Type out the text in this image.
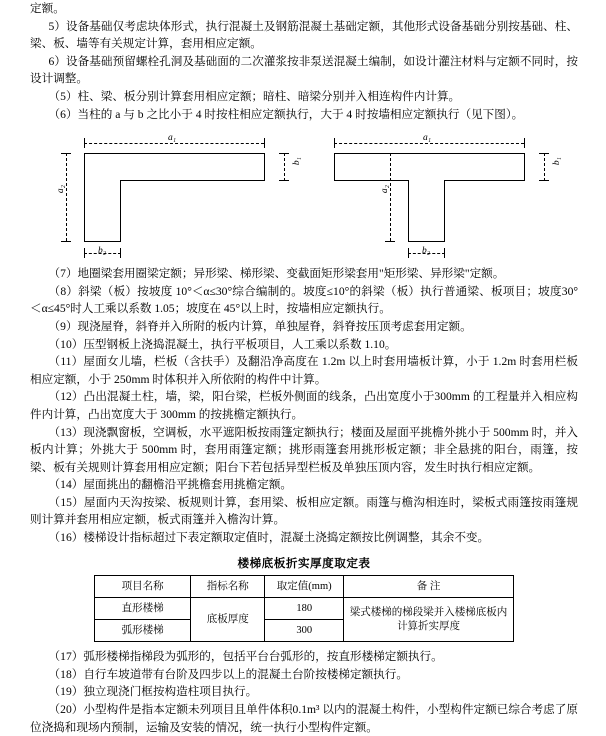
定额。

5）设备基础仅考虑块体形式，执行混凝土及钢筋混凝土基础定额，其他形式设备基础分别按基础、柱、梁、板、墙等有关规定计算，套用相应定额。

6）设备基础预留螺栓孔洞及基础面的二次灌浆按非泵送混凝土编制，如设计灌注材料与定额不同时，按设计调整。

（5）柱、梁、板分别计算套用相应定额；暗柱、暗梁分别并入相连构件内计算。

（6）当柱的 a 与 b 之比小于 4 时按柱相应定额执行，大于 4 时按墙相应定额执行（见下图）。

a₁
b₁
a₂
b₂
a₁
b₁
a₂
b₂

（7）地圈梁套用圈梁定额；异形梁、梯形梁、变截面矩形梁套用"矩形梁、异形梁"定额。

（8）斜梁（板）按坡度 10°＜α≤30°综合编制的。坡度≤10°的斜梁（板）执行普通梁、板项目；坡度30°＜α≤45°时人工乘以系数 1.05；坡度在 45°以上时，按墙相应定额执行。

（9）现浇屋脊，斜脊并入所附的板内计算，单独屋脊，斜脊按压顶考虑套用定额。

（10）压型钢板上浇捣混凝土，执行平板项目，人工乘以系数 1.10。

（11）屋面女儿墙，栏板（含扶手）及翻沿净高度在 1.2m 以上时套用墙板计算，小于 1.2m 时套用栏板相应定额，小于 250mm 时体积并入所依附的构件中计算。

（12）凸出混凝土柱，墙，梁，阳台梁，栏板外侧面的线条，凸出宽度小于300mm 的工程量并入相应构件内计算，凸出宽度大于 300mm 的按挑檐定额执行。

（13）现浇飘窗板，空调板，水平遮阳板按雨篷定额执行；楼面及屋面平挑檐外挑小于 500mm 时，并入板内计算；外挑大于 500mm 时，套用雨篷定额；挑形雨篷套用挑形板定额；非全悬挑的阳台，雨篷，按梁、板有关规则计算套用相应定额；阳台下若包括异型栏板及单独压顶内容，发生时执行相应定额。

（14）屋面挑出的翻檐沿平挑檐套用挑檐定额。

（15）屋面内天沟按梁、板规则计算，套用梁、板相应定额。雨篷与檐沟相连时，梁板式雨篷按雨篷规则计算并套用相应定额，板式雨篷并入檐沟计算。

（16）楼梯设计指标超过下表定额取定值时，混凝土浇捣定额按比例调整，其余不变。

楼梯底板折实厚度取定表
项目名称	指标名称	取定值(mm)	备 注
直形楼梯	底板厚度	180	梁式楼梯的梯段梁并入楼梯底板内计算折实厚度
弧形楼梯		300	

（17）弧形楼梯指梯段为弧形的，包括平台台弧形的，按直形楼梯定额执行。

（18）自行车坡道带有台阶及四步以上的混凝土台阶按楼梯定额执行。

（19）独立现浇门框按构造柱项目执行。

（20）小型构件是指本定额未列项目且单件体积0.1m³ 以内的混凝土构件，小型构件定额已综合考虑了原位浇捣和现场内预制，运输及安装的情况，统一执行小型构件定额。
